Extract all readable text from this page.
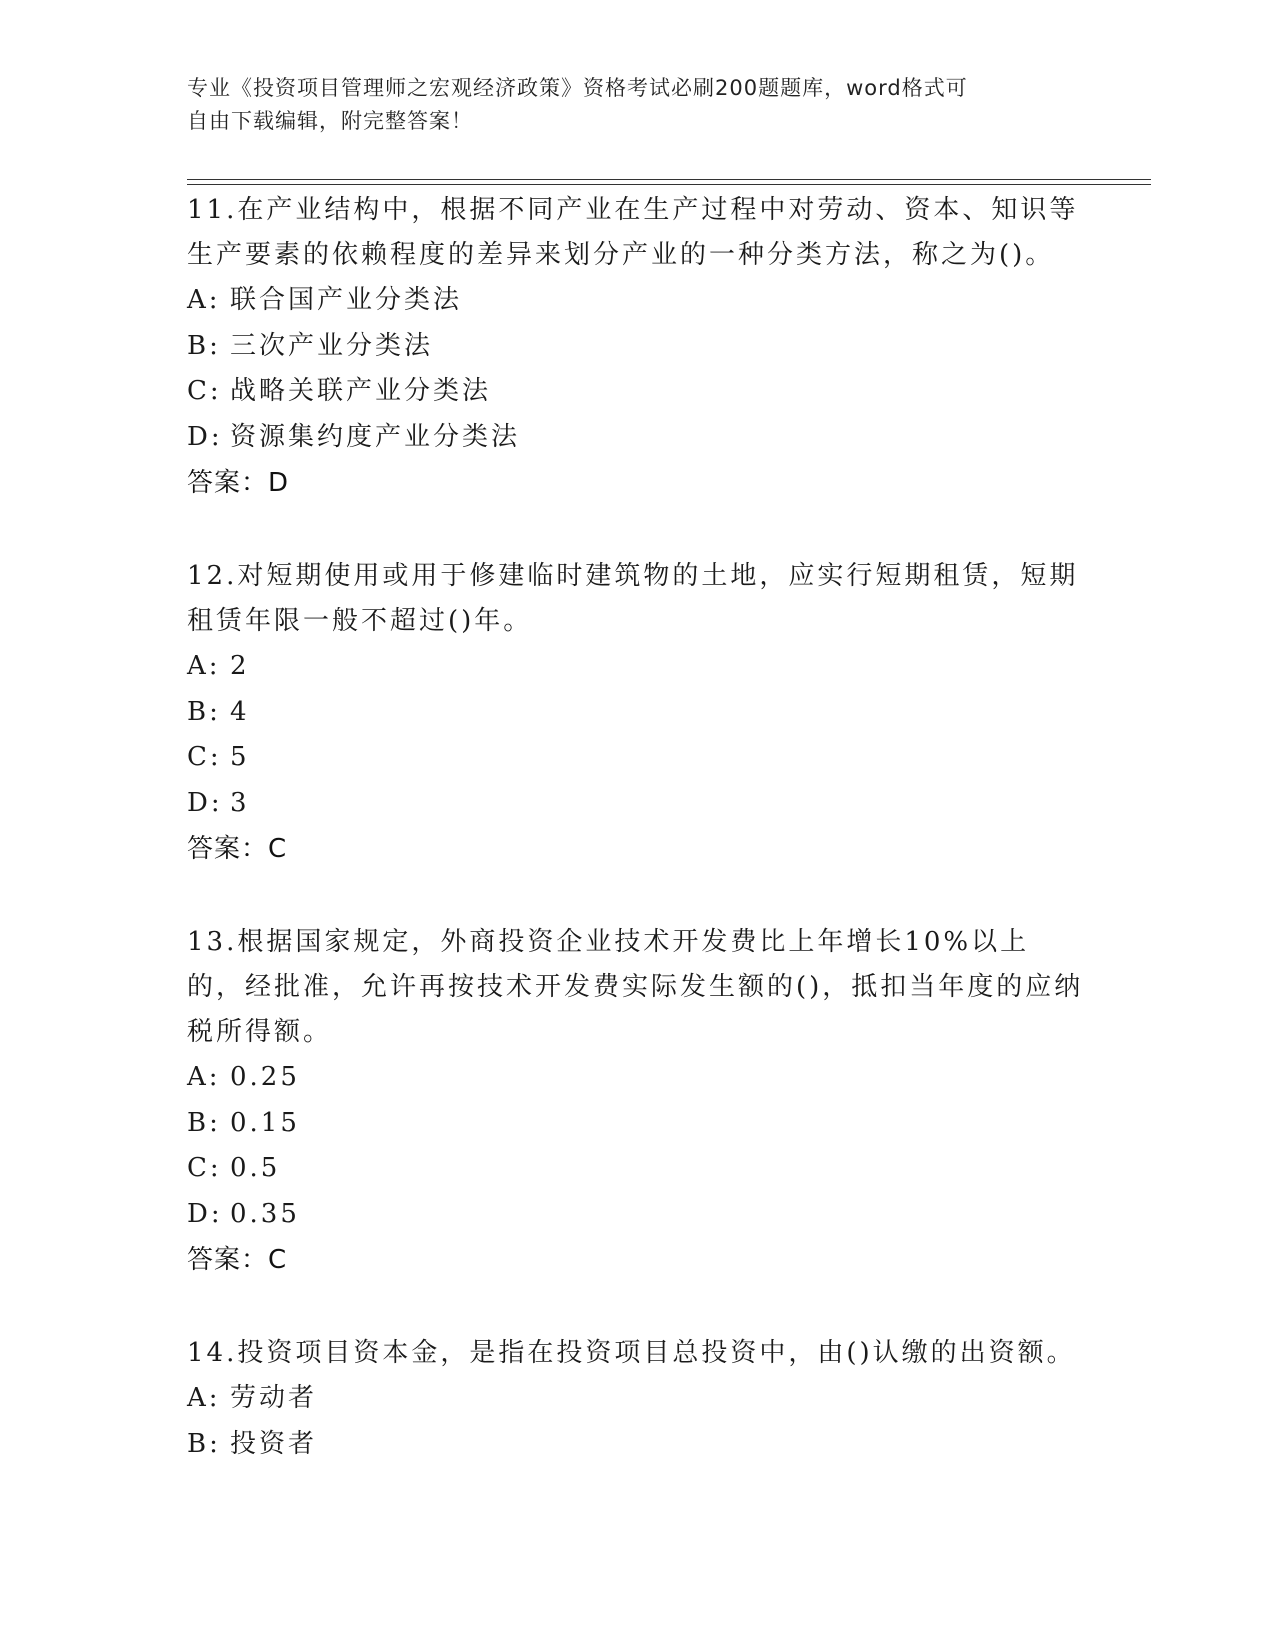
专业《投资项目管理师之宏观经济政策》资格考试必刷200题题库，word格式可
自由下载编辑，附完整答案！
11.在产业结构中，根据不同产业在生产过程中对劳动、资本、知识等生产要素的依赖程度的差异来划分产业的一种分类方法，称之为()。
A: 联合国产业分类法
B: 三次产业分类法
C: 战略关联产业分类法
D: 资源集约度产业分类法
答案：D
12.对短期使用或用于修建临时建筑物的土地，应实行短期租赁，短期租赁年限一般不超过()年。
A: 2
B: 4
C: 5
D: 3
答案：C
13.根据国家规定，外商投资企业技术开发费比上年增长10%以上的，经批准，允许再按技术开发费实际发生额的()，抵扣当年度的应纳税所得额。
A: 0.25
B: 0.15
C: 0.5
D: 0.35
答案：C
14.投资项目资本金，是指在投资项目总投资中，由()认缴的出资额。
A: 劳动者
B: 投资者
